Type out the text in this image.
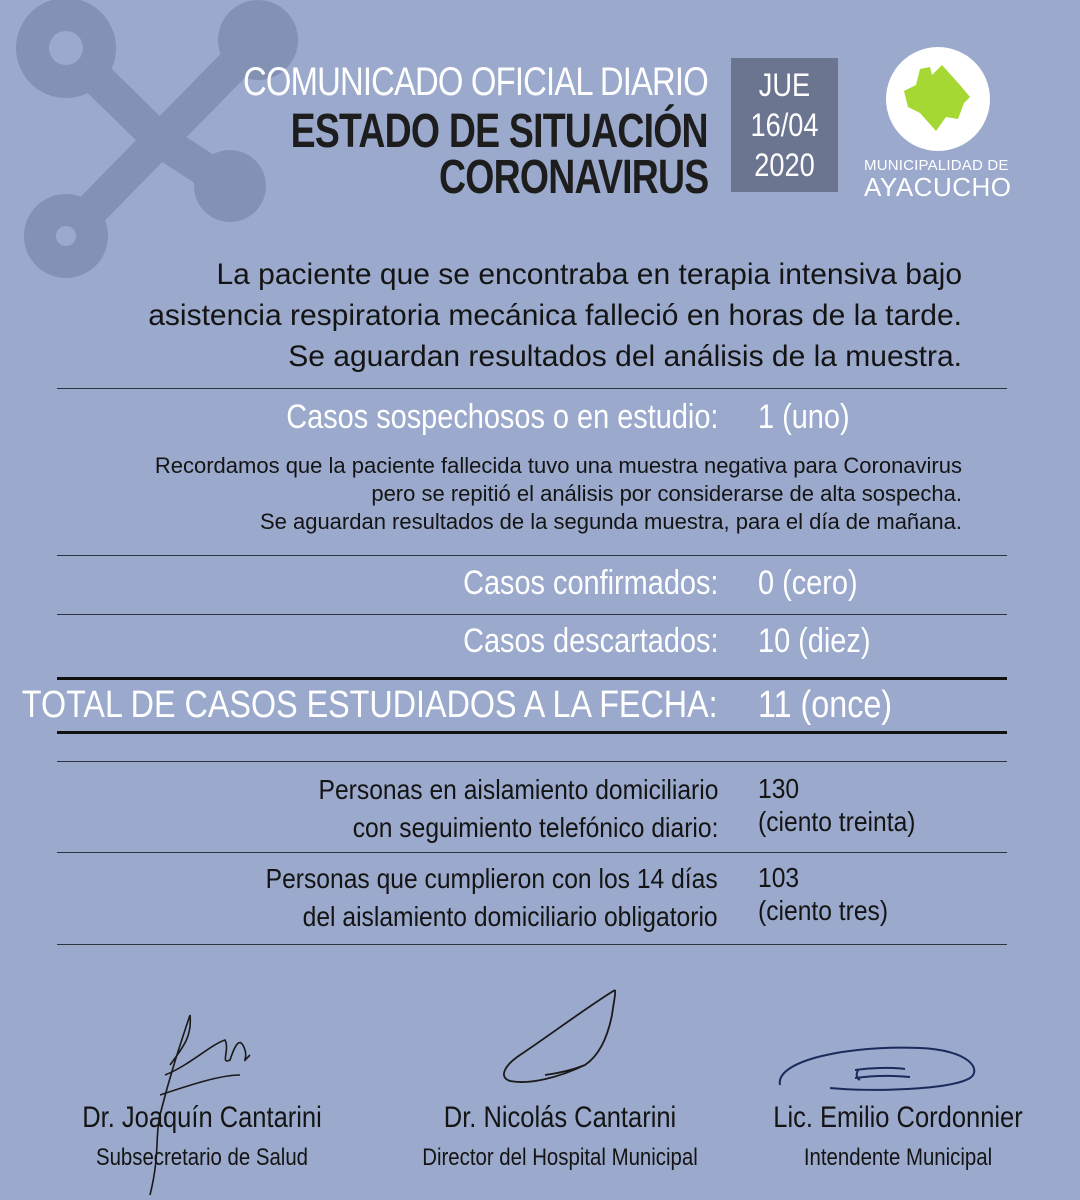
COMUNICADO OFICIAL DIARIO
ESTADO DE SITUACIÓN
CORONAVIRUS
JUE
16/04
2020	MUNICIPALIDAD DE
AYACUCHO
La paciente que se encontraba en terapia intensiva bajo
asistencia respiratoria mecánica falleció en horas de la tarde.
Se aguardan resultados del análisis de la muestra.
Casos sospechosos o en estudio: 1 (uno)
Recordamos que la paciente fallecida tuvo una muestra negativa para Coronavirus
pero se repitió el análisis por considerarse de alta sospecha.
Se aguardan resultados de la segunda muestra, para el día de mañana.
Casos confirmados: 0 (cero)
Casos descartados: 10 (diez)
TOTAL DE CASOS ESTUDIADOS A LA FECHA: 11 (once)
Personas en aislamiento domiciliario
con seguimiento telefónico diario:
130
(ciento treinta)
Personas que cumplieron con los 14 días
del aislamiento domiciliario obligatorio
103
(ciento tres)
Dr. Joaquín Cantarini
Subsecretario de Salud
Dr. Nicolás Cantarini
Director del Hospital Municipal
Lic. Emilio Cordonnier
Intendente Municipal
